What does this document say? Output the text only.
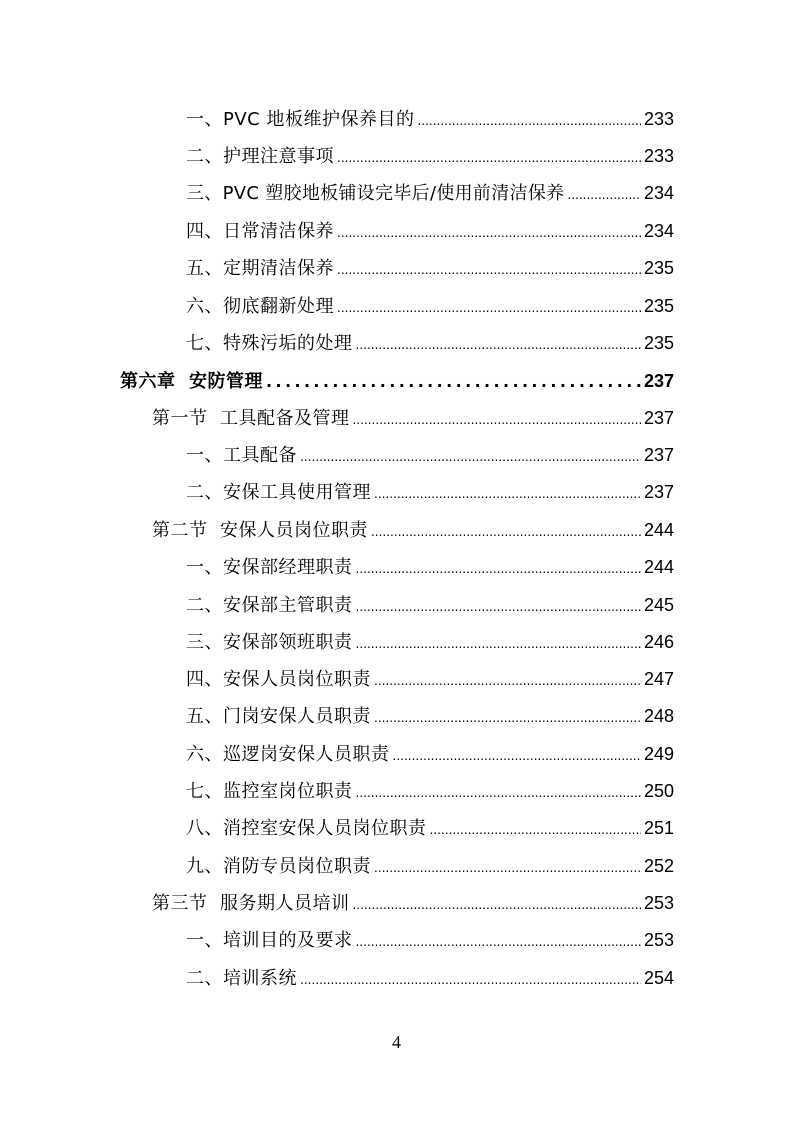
一、PVC 地板维护保养目的 .....	233
二、护理注意事项 .....	233
三、PVC 塑胶地板铺设完毕后/使用前清洁保养 .....	234
四、日常清洁保养 .....	234
五、定期清洁保养 .....	235
六、彻底翻新处理 .....	235
七、特殊污垢的处理 .....	235
第六章  安防管理 .....	237
第一节  工具配备及管理 .....	237
一、工具配备 .....	237
二、安保工具使用管理 .....	237
第二节  安保人员岗位职责 .....	244
一、安保部经理职责 .....	244
二、安保部主管职责 .....	245
三、安保部领班职责 .....	246
四、安保人员岗位职责 .....	247
五、门岗安保人员职责 .....	248
六、巡逻岗安保人员职责 .....	249
七、监控室岗位职责 .....	250
八、消控室安保人员岗位职责 .....	251
九、消防专员岗位职责 .....	252
第三节  服务期人员培训 .....	253
一、培训目的及要求 .....	253
二、培训系统 .....	254
4
